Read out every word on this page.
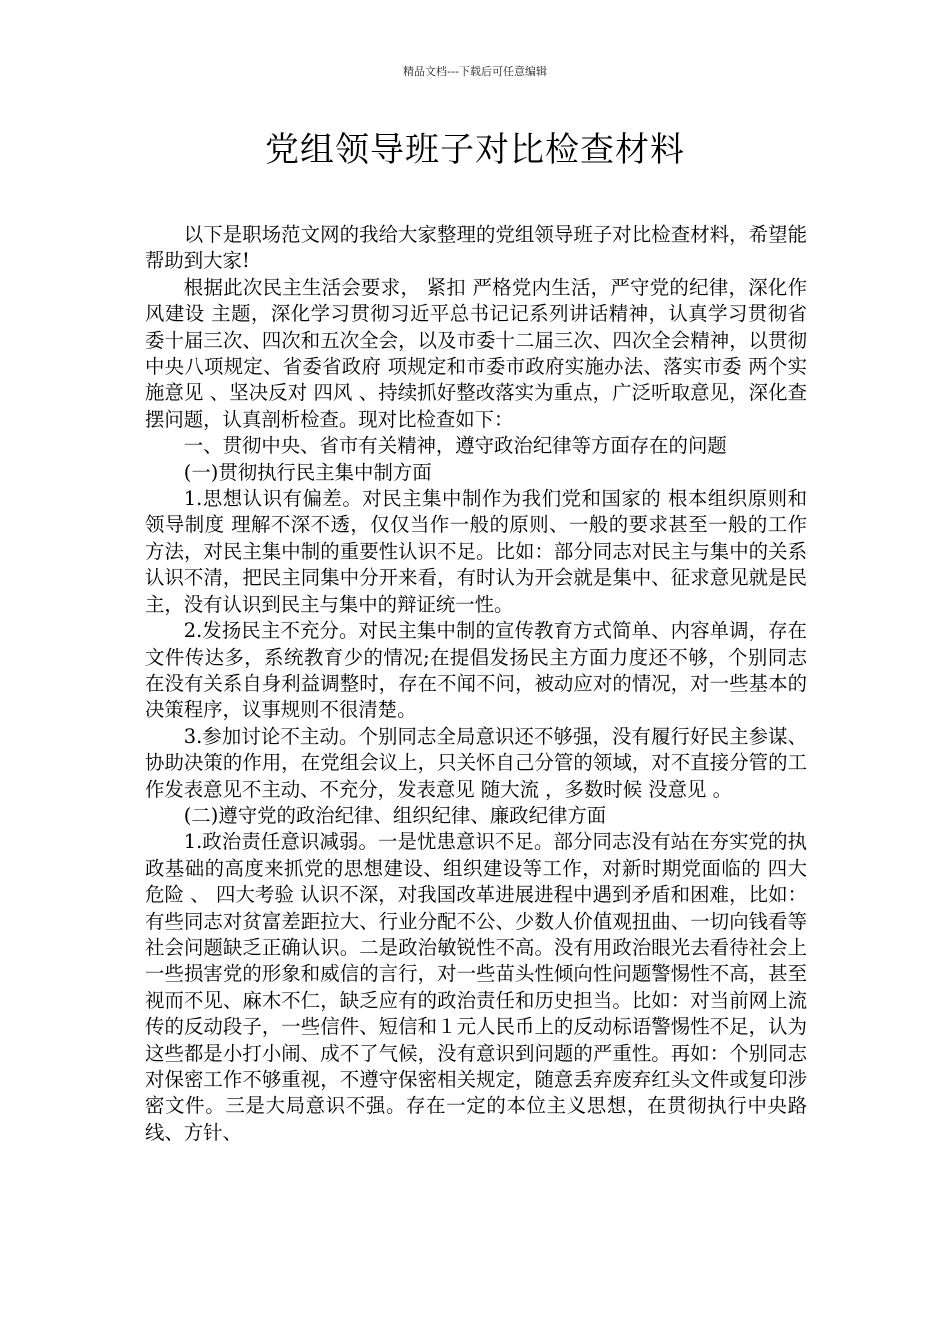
精品文档---下载后可任意编辑
党组领导班子对比检查材料

以下是职场范文网的我给大家整理的党组领导班子对比检查材料，希望能帮助到大家!

根据此次民主生活会要求， 紧扣 严格党内生活，严守党的纪律，深化作风建设 主题，深化学习贯彻习近平总书记记系列讲话精神，认真学习贯彻省委十届三次、四次和五次全会，以及市委十二届三次、四次全会精神，以贯彻中央八项规定、省委省政府 项规定和市委市政府实施办法、落实市委 两个实施意见 、坚决反对 四风 、持续抓好整改落实为重点，广泛听取意见，深化查摆问题，认真剖析检查。现对比检查如下：

一、贯彻中央、省市有关精神，遵守政治纪律等方面存在的问题

(一)贯彻执行民主集中制方面

1.思想认识有偏差。对民主集中制作为我们党和国家的 根本组织原则和领导制度 理解不深不透，仅仅当作一般的原则、一般的要求甚至一般的工作方法，对民主集中制的重要性认识不足。比如：部分同志对民主与集中的关系认识不清，把民主同集中分开来看，有时认为开会就是集中、征求意见就是民主，没有认识到民主与集中的辩证统一性。

2.发扬民主不充分。对民主集中制的宣传教育方式简单、内容单调，存在文件传达多，系统教育少的情况;在提倡发扬民主方面力度还不够，个别同志在没有关系自身利益调整时，存在不闻不问，被动应对的情况，对一些基本的决策程序，议事规则不很清楚。

3.参加讨论不主动。个别同志全局意识还不够强，没有履行好民主参谋、协助决策的作用，在党组会议上，只关怀自己分管的领域，对不直接分管的工作发表意见不主动、不充分，发表意见 随大流 ，多数时候 没意见 。

(二)遵守党的政治纪律、组织纪律、廉政纪律方面

1.政治责任意识减弱。一是忧患意识不足。部分同志没有站在夯实党的执政基础的高度来抓党的思想建设、组织建设等工作，对新时期党面临的 四大危险 、 四大考验 认识不深，对我国改革进展进程中遇到矛盾和困难，比如：有些同志对贫富差距拉大、行业分配不公、少数人价值观扭曲、一切向钱看等社会问题缺乏正确认识。二是政治敏锐性不高。没有用政治眼光去看待社会上一些损害党的形象和威信的言行，对一些苗头性倾向性问题警惕性不高，甚至视而不见、麻木不仁，缺乏应有的政治责任和历史担当。比如：对当前网上流传的反动段子，一些信件、短信和１元人民币上的反动标语警惕性不足，认为这些都是小打小闹、成不了气候，没有意识到问题的严重性。再如：个别同志对保密工作不够重视，不遵守保密相关规定，随意丢弃废弃红头文件或复印涉密文件。三是大局意识不强。存在一定的本位主义思想，在贯彻执行中央路线、方针、
